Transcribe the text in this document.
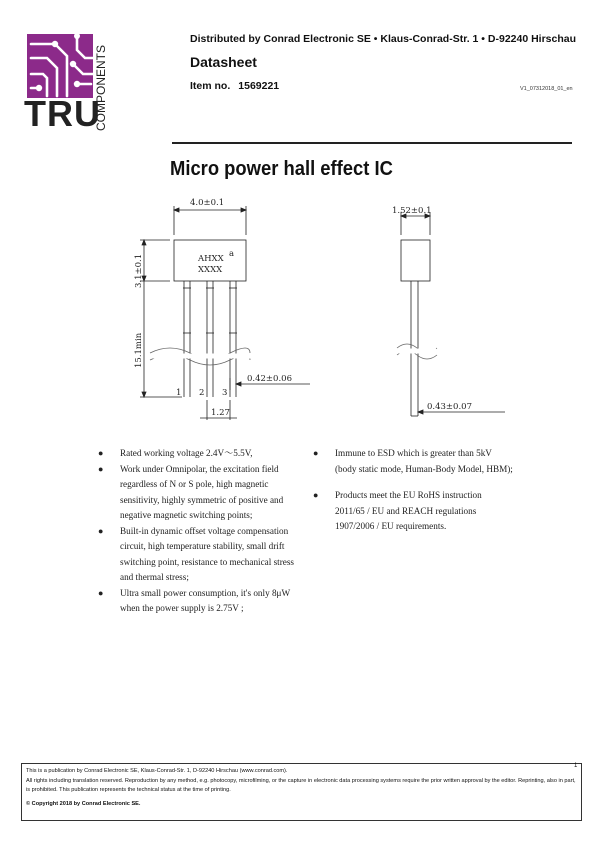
TRU
COMPONENTS
Distributed by Conrad Electronic SE • Klaus-Conrad-Str. 1 • D-92240 Hirschau
Datasheet
Item no. 1569221	V1_07312018_01_en
Micro power hall effect IC
4.0±0.1
3.1±0.1
15.1min
AHXX a
XXXX
0.42±0.06
1.27
1 2 3
1.52±0.1
0.43±0.07
● Rated working voltage 2.4V～5.5V,
● Work under Omnipolar, the excitation field regardless of N or S pole, high magnetic sensitivity, highly symmetric of positive and negative magnetic switching points;
● Built-in dynamic offset voltage compensation circuit, high temperature stability, small drift switching point, resistance to mechanical stress and thermal stress;
● Ultra small power consumption, it's only 8μW when the power supply is 2.75V ;
● Immune to ESD which is greater than 5kV (body static mode, Human-Body Model, HBM);
● Products meet the EU RoHS instruction 2011/65 / EU and REACH regulations 1907/2006 / EU requirements.
This is a publication by Conrad Electronic SE, Klaus-Conrad-Str. 1, D-92240 Hirschau (www.conrad.com).
All rights including translation reserved. Reproduction by any method, e.g. photocopy, microfilming, or the capture in electronic data processing systems require the prior written approval by the editor. Reprinting, also in part, is prohibited. This publication represents the technical status at the time of printing.
© Copyright 2018 by Conrad Electronic SE.
1
